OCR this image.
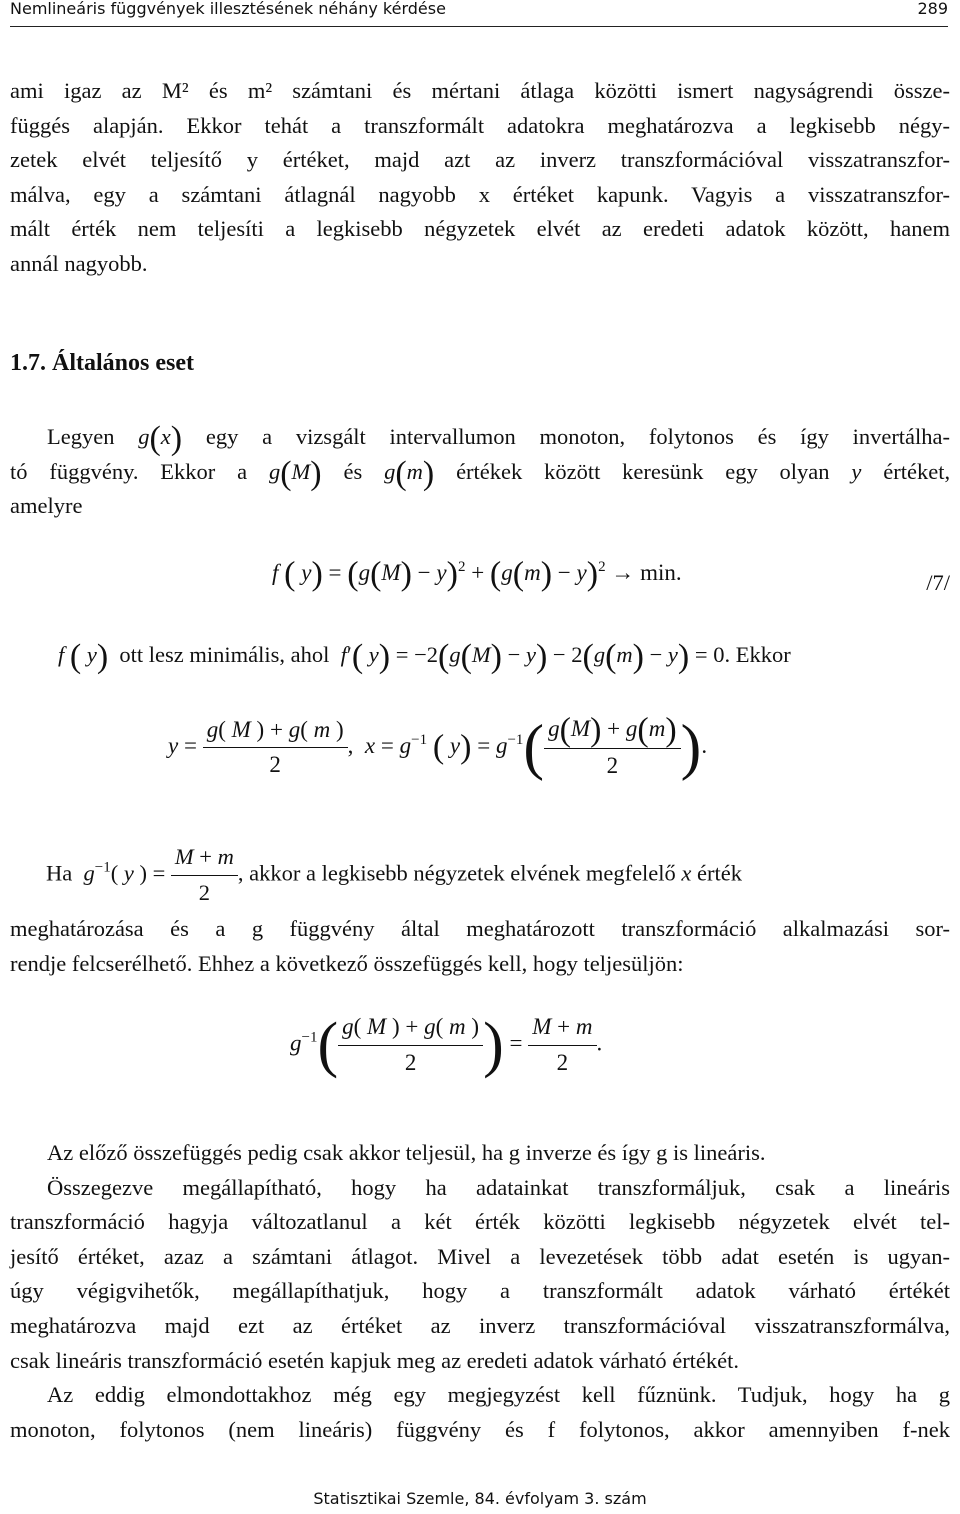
Nemlineáris függvények illesztésének néhány kérdése	289
ami igaz az M² és m² számtani és mértani átlaga közötti ismert nagyságrendi össze-
függés alapján. Ekkor tehát a transzformált adatokra meghatározva a legkisebb négy-
zetek elvét teljesítő y értéket, majd azt az inverz transzformációval visszatranszfor-
málva, egy a számtani átlagnál nagyobb x értéket kapunk. Vagyis a visszatranszfor-
mált érték nem teljesíti a legkisebb négyzetek elvét az eredeti adatok között, hanem
annál nagyobb.
1.7. Általános eset
Legyen g(x) egy a vizsgált intervallumon monoton, folytonos és így invertálha-
tó függvény. Ekkor a g(M) és g(m) értékek között keresünk egy olyan y értéket,
amelyre
f ( $y) = (g(M) - y)^2 + (g(m) - y)^2 \to \min$.	/7/
f ( y) ott lesz minimális, ahol f′( y) = −2(g(M) − y) − 2(g(m) − y) = 0. Ekkor
$y = \frac{g( M ) + g( m )}{2}$ ,  $x = g^{-1}$ ( $y) = g^{-1}( \frac{g(M) + g(m)}{2}$ ).
Ha $g^{-1}$( y ) = $\frac{M + m}{2}$ , akkor a legkisebb négyzetek elvének megfelelő x érték
meghatározása és a g függvény által meghatározott transzformáció alkalmazási sor-
rendje felcserélhető. Ehhez a következő összefüggés kell, hogy teljesüljön:
$g^{-1}( \frac{g( M ) + g( m )}{2}$ ) = $\frac{M + m}{2}$ .
Az előző összefüggés pedig csak akkor teljesül, ha g inverze és így g is lineáris.
Összegezve megállapítható, hogy ha adatainkat transzformáljuk, csak a lineáris
transzformáció hagyja változatlanul a két érték közötti legkisebb négyzetek elvét tel-
jesítő értéket, azaz a számtani átlagot. Mivel a levezetések több adat esetén is ugyan-
úgy végigvihetők, megállapíthatjuk, hogy a transzformált adatok várható értékét
meghatározva majd ezt az értéket az inverz transzformációval visszatranszformálva,
csak lineáris transzformáció esetén kapjuk meg az eredeti adatok várható értékét.
Az eddig elmondottakhoz még egy megjegyzést kell fűznünk. Tudjuk, hogy ha g
monoton, folytonos (nem lineáris) függvény és f folytonos, akkor amennyiben f-nek
Statisztikai Szemle, 84. évfolyam 3. szám
